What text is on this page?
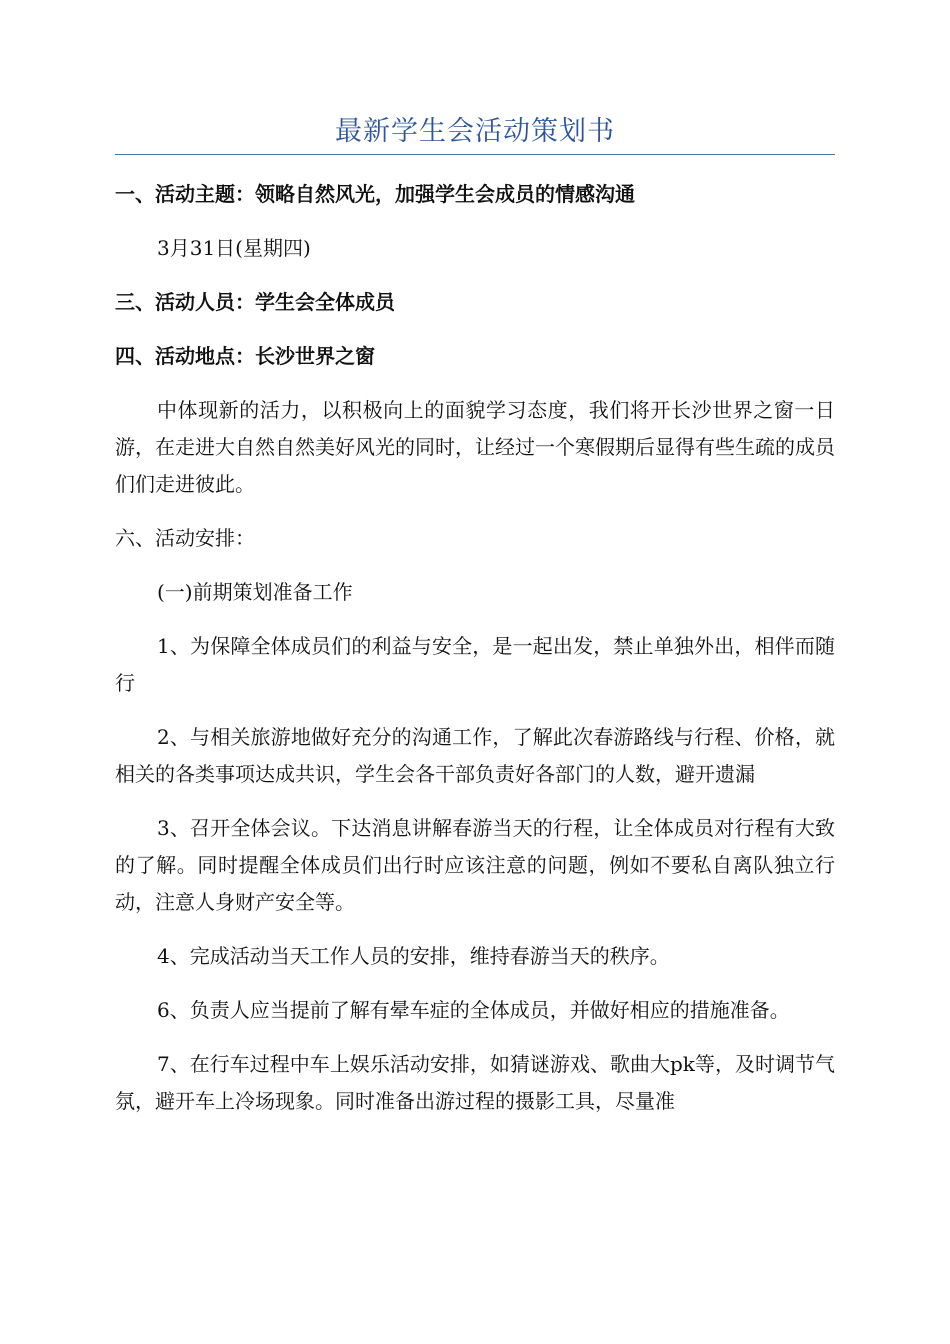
最新学生会活动策划书

一、活动主题：领略自然风光，加强学生会成员的情感沟通

3月31日(星期四)

三、活动人员：学生会全体成员

四、活动地点：长沙世界之窗

中体现新的活力，以积极向上的面貌学习态度，我们将开长沙世界之窗一日游，在走进大自然自然美好风光的同时，让经过一个寒假期后显得有些生疏的成员们们走进彼此。

六、活动安排：

(一)前期策划准备工作

1、为保障全体成员们的利益与安全，是一起出发，禁止单独外出，相伴而随行

2、与相关旅游地做好充分的沟通工作，了解此次春游路线与行程、价格，就相关的各类事项达成共识，学生会各干部负责好各部门的人数，避开遗漏

3、召开全体会议。下达消息讲解春游当天的行程，让全体成员对行程有大致的了解。同时提醒全体成员们出行时应该注意的问题，例如不要私自离队独立行动，注意人身财产安全等。

4、完成活动当天工作人员的安排，维持春游当天的秩序。

6、负责人应当提前了解有晕车症的全体成员，并做好相应的措施准备。

7、在行车过程中车上娱乐活动安排，如猜谜游戏、歌曲大pk等，及时调节气氛，避开车上冷场现象。同时准备出游过程的摄影工具，尽量准
